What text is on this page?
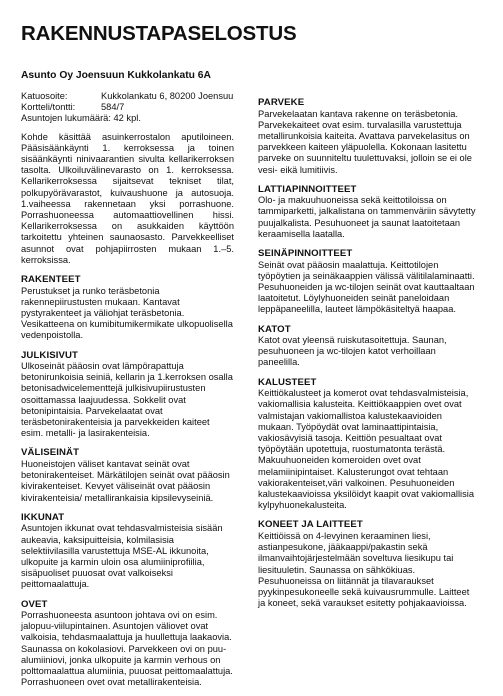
RAKENNUSTAPASELOSTUS
Asunto Oy Joensuun Kukkolankatu 6A
Katuosoite:	Kukkolankatu 6, 80200 Joensuu
Kortteli/tontti:	584/7
Asuntojen lukumäärä: 42 kpl.

Kohde käsittää asuinkerrostalon aputiloineen. Pääsisäänkäynti 1. kerroksessa ja toinen sisäänkäynti ninivaarantien sivulta kellarikerroksen tasolta. Ulkoiluvälinevarasto on 1. kerroksessa. Kellarikerroksessa sijaitsevat tekniset tilat, polkupyörävarastot, kuivaushuone ja autosuoja. 1.vaiheessa rakennetaan yksi porrashuone. Porrashuoneessa automaattiovellinen hissi. Kellarikerroksessa on asukkaiden käyttöön tarkoitettu yhteinen saunaosasto. Parvekkeelliset asunnot ovat pohjapiirrosten mukaan 1.–5. kerroksissa.

RAKENTEET

Perustukset ja runko teräsbetonia rakennepiirustusten mukaan. Kantavat pystyrakenteet ja väliohjat teräsbetonia.
Vesikatteena on kumibitumikermikate ulkopuolisella vedenpoistolla.

JULKISIVUT

Ulkoseinät pääosin ovat lämpörapattuja betonirunkoisia seiniä, kellarin ja 1.kerroksen osalla betonisadwicelementtejä julkisivupiirustusten osoittamassa laajuudessa. Sokkelit ovat betonipintaisia. Parvekelaatat ovat teräsbetonirakenteisia ja parvekkeiden kaiteet esim. metalli- ja lasirakenteisia.

VÄLISEINÄT

Huoneistojen väliset kantavat seinät ovat betonirakenteiset. Märkätilojen seinät ovat pääosin kivirakenteiset. Kevyet väliseinät ovat pääosin kivirakenteisia/ metallirankaisia kipsilevyseiniä.

IKKUNAT

Asuntojen ikkunat ovat tehdasvalmisteisia sisään aukeavia, kaksipuitteisia, kolmilasisia selektiivilasilla varustettuja MSE-AL ikkunoita, ulkopuite ja karmin uloin osa alumiiniprofiilia, sisäpuoliset puuosat ovat valkoiseksi peittomaalattuja.

OVET

Porrashuoneesta asuntoon johtava ovi on esim. jalopuu-viilupintainen. Asuntojen väliovet ovat valkoisia, tehdasmaalattuja ja huullettuja laakaovia. Saunassa on kokolasiovi. Parvekkeen ovi on puu-alumiiniovi, jonka ulkopuite ja karmin verhous on polttomaalattua alumiinia, puuosat peittomaalattuja. Porrashuoneen ovet ovat metallirakenteisia.

PARVEKE

Parvekelaatan kantava rakenne on teräsbetonia. Parvekekaiteet ovat esim. turvalasilla varustettuja metallirunkoisia kaiteita. Avattava parvekelasitus on parvekkeen kaiteen yläpuolella. Kokonaan lasitettu parveke on suunniteltu tuulettuvaksi, jolloin se ei ole vesi- eikä lumitiivis.

LATTIAPINNOITTEET

Olo- ja makuuhuoneissa sekä keittotiloissa on tammiparketti, jalkalistana on tammenväriin sävytetty puujalkalista. Pesuhuoneet ja saunat laatoitetaan keraamisella laatalla.

SEINÄPINNOITTEET

Seinät ovat pääosin maalattuja. Keittotilojen työpöytien ja seinäkaappien välissä välitilalaminaatti. Pesuhuoneiden ja wc-tilojen seinät ovat kauttaaltaan laatoitetut. Löylyhuoneiden seinät paneloidaan leppäpaneelilla, lauteet lämpökäsiteltyä haapaa.

KATOT

Katot ovat yleensä ruiskutasoitettuja. Saunan, pesuhuoneen ja wc-tilojen katot verhoillaan paneelilla.

KALUSTEET

Keittiökalusteet ja komerot ovat tehdasvalmisteisia, vakiomallisia kalusteita. Keittiökaappien ovet ovat valmistajan vakiomallistoa kalustekaavioiden mukaan. Työpöydät ovat laminaattipintaisia, vakiosävyisiä tasoja. Keittiön pesualtaat ovat työpöytään upotettuja, ruostumatonta terästä. Makuuhuoneiden komeroiden ovet ovat melamiinipintaiset. Kalusterungot ovat tehtaan vakiorakenteiset,väri valkoinen. Pesuhuoneiden kalustekaavioissa yksilöidyt kaapit ovat vakiomallisia kylpyhuonekalusteita.

KONEET JA LAITTEET

Keittiöissä on 4-levyinen keraaminen liesi, astianpesukone, jääkaappi/pakastin sekä ilmanvaihtojärjestelmään soveltuva liesikupu tai liesituuletin. Saunassa on sähkökiuas. Pesuhuoneissa on liitännät ja tilavaraukset pyykinpesukoneelle sekä kuivausrummulle. Laitteet ja koneet, sekä varaukset esitetty pohjakaavioissa.
